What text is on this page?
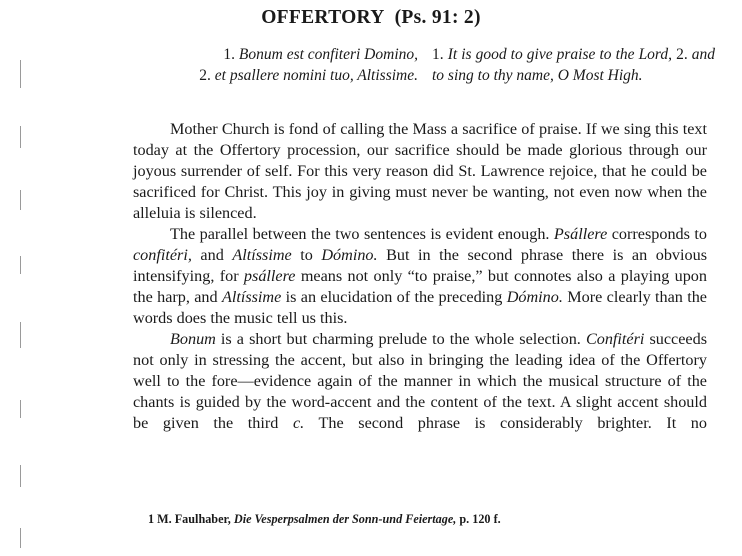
OFFERTORY (Ps. 91: 2)
1. Bonum est confiteri Domino,
2. et psallere nomini tuo, Altissime.
1. It is good to give praise to the Lord, 2. and to sing to thy name, O Most High.

Mother Church is fond of calling the Mass a sacrifice of praise. If we sing this text today at the Offertory procession, our sacrifice should be made glorious through our joyous surrender of self. For this very reason did St. Lawrence rejoice, that he could be sacrificed for Christ. This joy in giving must never be wanting, not even now when the alleluia is silenced.

The parallel between the two sentences is evident enough. Psállere corresponds to confitéri, and Altíssime to Dómino. But in the second phrase there is an obvious intensifying, for psállere means not only “to praise,” but connotes also a playing upon the harp, and Altíssime is an elucidation of the preceding Dómino. More clearly than the words does the music tell us this.

Bonum is a short but charming prelude to the whole selection. Confitéri succeeds not only in stressing the accent, but also in bringing the leading idea of the Offertory well to the fore—evidence again of the manner in which the musical structure of the chants is guided by the word-accent and the content of the text. A slight accent should be given the third c. The second phrase is considerably brighter. It no

1 M. Faulhaber, Die Vesperpsalmen der Sonn-und Feiertage, p. 120 f.
